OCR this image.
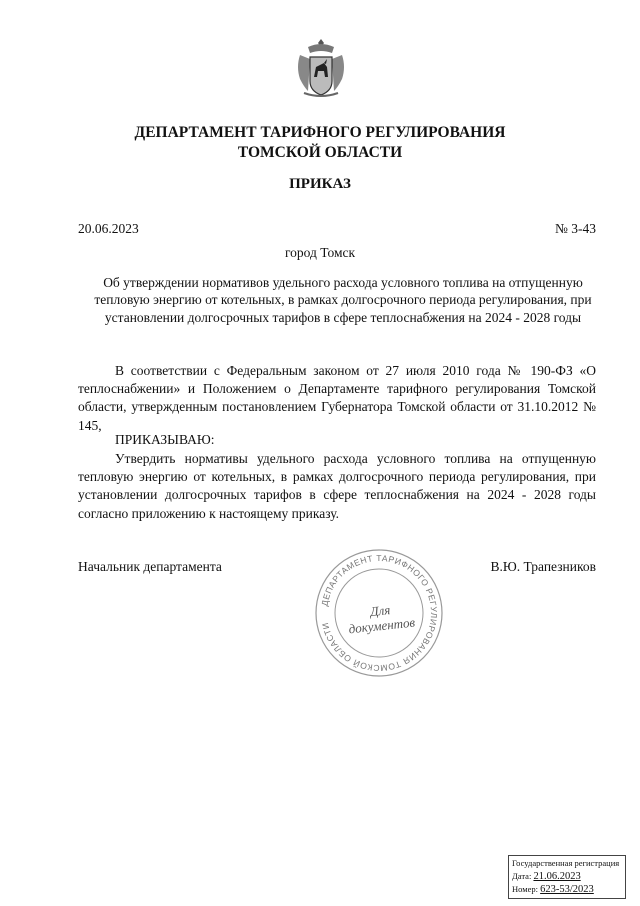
ДЕПАРТАМЕНТ ТАРИФНОГО РЕГУЛИРОВАНИЯ
ТОМСКОЙ ОБЛАСТИ
ПРИКАЗ
20.06.2023	№ 3-43
город Томск
Об утверждении нормативов удельного расхода условного топлива на отпущенную тепловую энергию от котельных, в рамках долгосрочного периода регулирования, при установлении долгосрочных тарифов в сфере теплоснабжения на 2024 - 2028 годы
В соответствии с Федеральным законом от 27 июля 2010 года № 190-ФЗ «О теплоснабжении» и Положением о Департаменте тарифного регулирования Томской области, утвержденным постановлением Губернатора Томской области от 31.10.2012 № 145,
ПРИКАЗЫВАЮ:
Утвердить нормативы удельного расхода условного топлива на отпущенную тепловую энергию от котельных, в рамках долгосрочного периода регулирования, при установлении долгосрочных тарифов в сфере теплоснабжения на 2024 - 2028 годы согласно приложению к настоящему приказу.
Начальник департамента	В.Ю. Трапезников
ДЕПАРТАМЕНТ ТАРИФНОГО РЕГУЛИРОВАНИЯ ТОМСКОЙ ОБЛАСТИ
Для
документов
Государственная регистрация
Дата: 21.06.2023
Номер: 623-53/2023
